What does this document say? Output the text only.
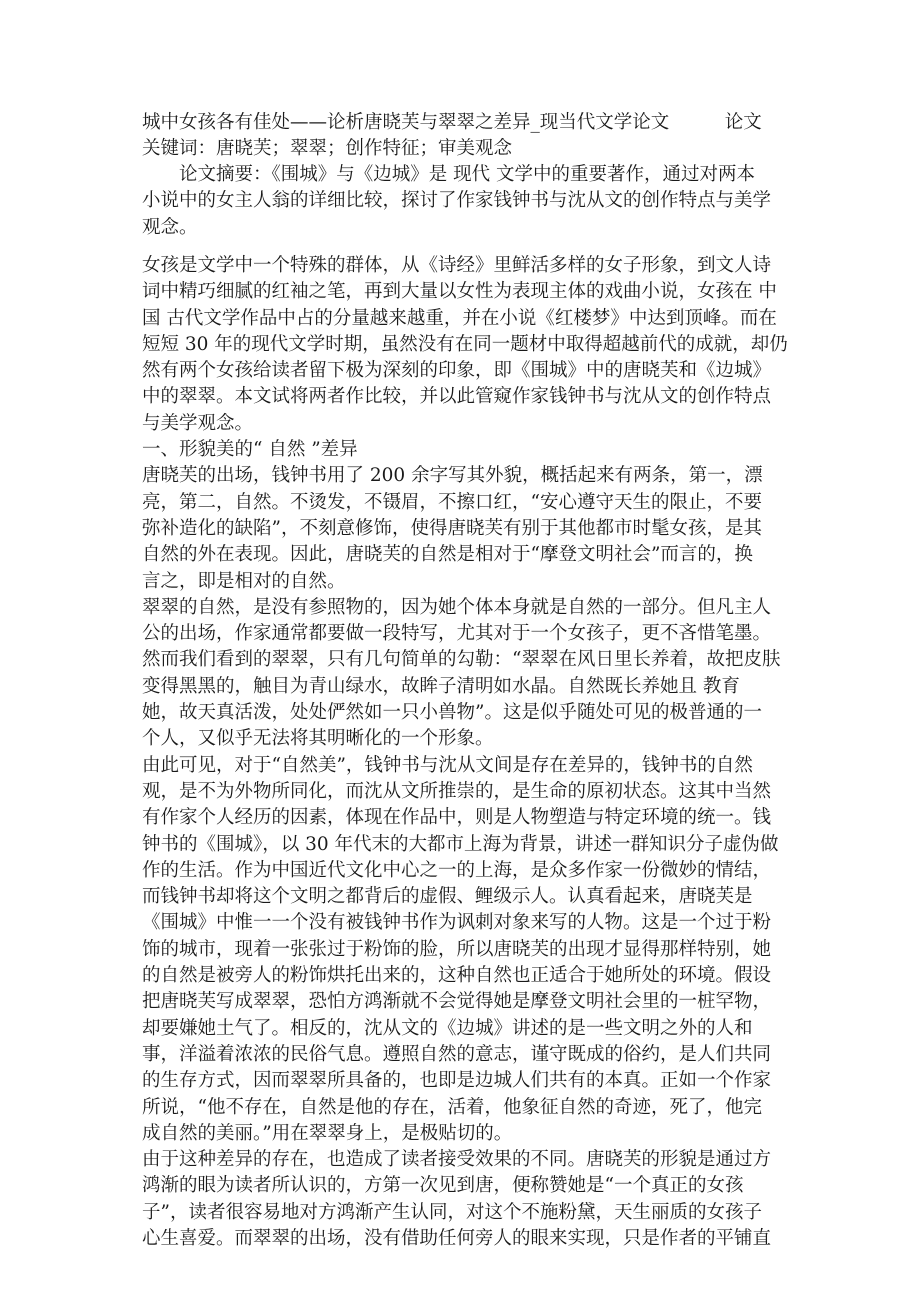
城中女孩各有佳处——论析唐晓芙与翠翠之差异_现当代文学论文　　　论文
关键词：唐晓芙；翠翠；创作特征；审美观念
论文摘要：《围城》与《边城》是 现代 文学中的重要著作，通过对两本
小说中的女主人翁的详细比较，探讨了作家钱钟书与沈从文的创作特点与美学
观念。
女孩是文学中一个特殊的群体，从《诗经》里鲜活多样的女子形象，到文人诗
词中精巧细腻的红袖之笔，再到大量以女性为表现主体的戏曲小说，女孩在 中
国 古代文学作品中占的分量越来越重，并在小说《红楼梦》中达到顶峰。而在
短短 30 年的现代文学时期，虽然没有在同一题材中取得超越前代的成就，却仍
然有两个女孩给读者留下极为深刻的印象，即《围城》中的唐晓芙和《边城》
中的翠翠。本文试将两者作比较，并以此管窥作家钱钟书与沈从文的创作特点
与美学观念。
一、形貌美的“ 自然 ”差异
唐晓芙的出场，钱钟书用了 200 余字写其外貌，概括起来有两条，第一，漂
亮，第二，自然。不烫发，不镊眉，不擦口红，“安心遵守天生的限止，不要
弥补造化的缺陷”，不刻意修饰，使得唐晓芙有别于其他都市时髦女孩，是其
自然的外在表现。因此，唐晓芙的自然是相对于“摩登文明社会”而言的，换
言之，即是相对的自然。
翠翠的自然，是没有参照物的，因为她个体本身就是自然的一部分。但凡主人
公的出场，作家通常都要做一段特写，尤其对于一个女孩子，更不吝惜笔墨。
然而我们看到的翠翠，只有几句简单的勾勒：“翠翠在风日里长养着，故把皮肤
变得黑黑的，触目为青山绿水，故眸子清明如水晶。自然既长养她且 教育
她，故天真活泼，处处俨然如一只小兽物”。这是似乎随处可见的极普通的一
个人，又似乎无法将其明晰化的一个形象。
由此可见，对于“自然美”，钱钟书与沈从文间是存在差异的，钱钟书的自然
观，是不为外物所同化，而沈从文所推崇的，是生命的原初状态。这其中当然
有作家个人经历的因素，体现在作品中，则是人物塑造与特定环境的统一。钱
钟书的《围城》，以 30 年代末的大都市上海为背景，讲述一群知识分子虚伪做
作的生活。作为中国近代文化中心之一的上海，是众多作家一份微妙的情结，
而钱钟书却将这个文明之都背后的虚假、鲤级示人。认真看起来，唐晓芙是
《围城》中惟一一个没有被钱钟书作为讽刺对象来写的人物。这是一个过于粉
饰的城市，现着一张张过于粉饰的脸，所以唐晓芙的出现才显得那样特别，她
的自然是被旁人的粉饰烘托出来的，这种自然也正适合于她所处的环境。假设
把唐晓芙写成翠翠，恐怕方鸿渐就不会觉得她是摩登文明社会里的一桩罕物，
却要嫌她土气了。相反的，沈从文的《边城》讲述的是一些文明之外的人和
事，洋溢着浓浓的民俗气息。遵照自然的意志，谨守既成的俗约，是人们共同
的生存方式，因而翠翠所具备的，也即是边城人们共有的本真。正如一个作家
所说，“他不存在，自然是他的存在，活着，他象征自然的奇迹，死了，他完
成自然的美丽。”用在翠翠身上，是极贴切的。
由于这种差异的存在，也造成了读者接受效果的不同。唐晓芙的形貌是通过方
鸿渐的眼为读者所认识的，方第一次见到唐，便称赞她是“一个真正的女孩
子”，读者很容易地对方鸿渐产生认同，对这个不施粉黛，天生丽质的女孩子
心生喜爱。而翠翠的出场，没有借助任何旁人的眼来实现，只是作者的平铺直
